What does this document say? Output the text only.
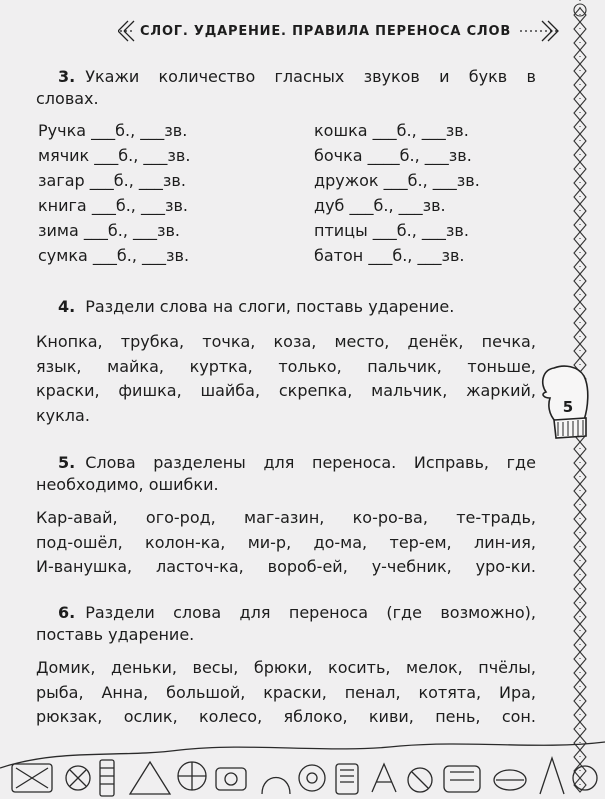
СЛОГ. УДАРЕНИЕ. ПРАВИЛА ПЕРЕНОСА СЛОВ
5
3. Укажи количество гласных звуков и букв в
словах.
Ручка ___б., ___зв.
мячик ___б., ___зв.
загар ___б., ___зв.
книга ___б., ___зв.
зима ___б., ___зв.
сумка ___б., ___зв.
кошка ___б., ___зв.
бочка ____б., ___зв.
дружок ___б., ___зв.
дуб ___б., ___зв.
птицы ___б., ___зв.
батон ___б., ___зв.
4. Раздели слова на слоги, поставь ударение.
Кнопка, трубка, точка, коза, место, денёк, печка,
язык, майка, куртка, только, пальчик, тоньше,
краски, фишка, шайба, скрепка, мальчик, жаркий,
кукла.
5. Слова разделены для переноса. Исправь, где
необходимо, ошибки.
Кар-авай, ого-род, маг-азин, ко-ро-ва, те-традь,
под-ошёл, колон-ка, ми-р, до-ма, тер-ем, лин-ия,
И-ванушка, ласточ-ка, вороб-ей, у-чебник, уро-ки.
6. Раздели слова для переноса (где возможно),
поставь ударение.
Домик, деньки, весы, брюки, косить, мелок, пчёлы,
рыба, Анна, большой, краски, пенал, котята, Ира,
рюкзак, ослик, колесо, яблоко, киви, пень, сон.
